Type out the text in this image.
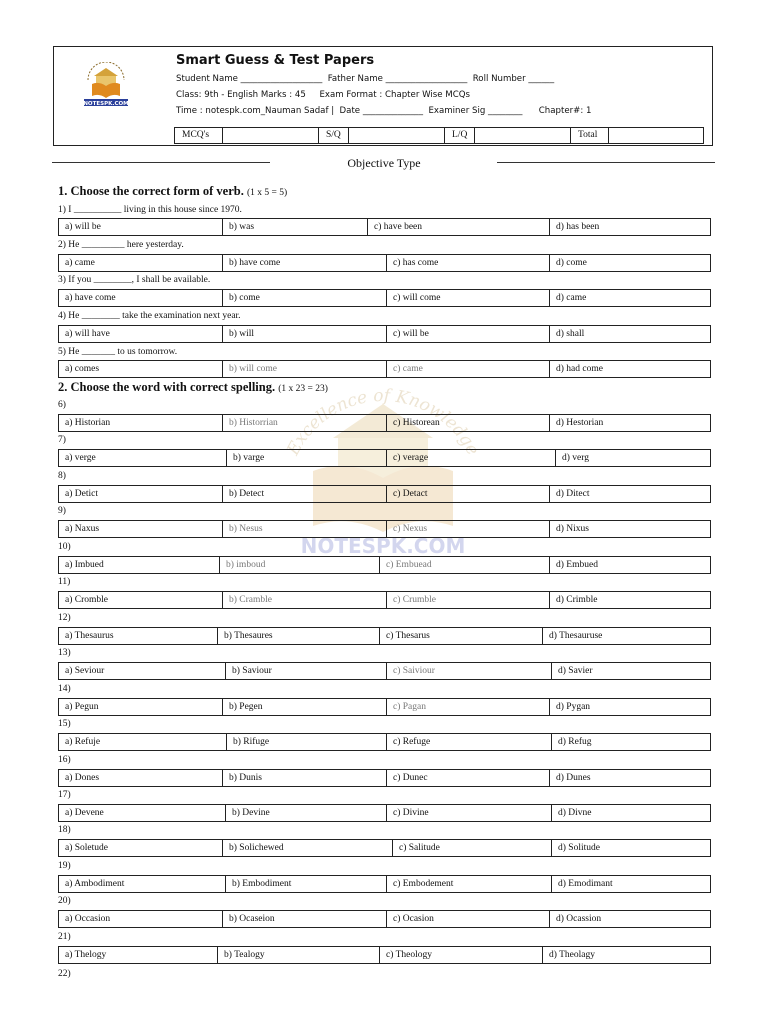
NOTESPK.COM
Smart Guess & Test Papers
Student Name ___________________  Father Name ___________________  Roll Number ______
Class: 9th - English Marks : 45     Exam Format : Chapter Wise MCQs
Time : notespk.com_Nauman Sadaf |  Date ______________  Examiner Sig ________      Chapter#: 1
MCQ's	S/Q	L/Q	Total
Objective Type
Excellence of Knowledge
NOTESPK.COM
1. Choose the correct form of verb. (1 x 5 = 5)
2. Choose the word with correct spelling. (1 x 23 = 23)
1) I __________ living in this house since 1970.
a) will be	b) was	c) have been	d) has been
2) He _________ here yesterday.
a) came	b) have come	c) has come	d) come
3) If you ________, I shall be available.
a) have come	b) come	c) will come	d) came
4) He ________ take the examination next year.
a) will have	b) will	c) will be	d) shall
5) He _______ to us tomorrow.
a) comes	b) will come	c) came	d) had come
6)
a) Historian	b) Historrian	c) Historean	d) Hestorian
7)
a) verge	b) varge	c) verage	d) verg
8)
a) Detict	b) Detect	c) Detact	d) Ditect
9)
a) Naxus	b) Nesus	c) Nexus	d) Nixus
10)
a) Imbued	b) imboud	c) Embuead	d) Embued
11)
a) Cromble	b) Cramble	c) Crumble	d) Crimble
12)
a) Thesaurus	b) Thesaures	c) Thesarus	d) Thesauruse
13)
a) Seviour	b) Saviour	c) Saiviour	d) Savier
14)
a) Pegun	b) Pegen	c) Pagan	d) Pygan
15)
a) Refuje	b) Rifuge	c) Refuge	d) Refug
16)
a) Dones	b) Dunis	c) Dunec	d) Dunes
17)
a) Devene	b) Devine	c) Divine	d) Divne
18)
a) Soletude	b) Solichewed	c) Salitude	d) Solitude
19)
a) Ambodiment	b) Embodiment	c) Embodement	d) Emodimant
20)
a) Occasion	b) Ocaseion	c) Ocasion	d) Ocassion
21)
a) Thelogy	b) Tealogy	c) Theology	d) Theolagy
22)
